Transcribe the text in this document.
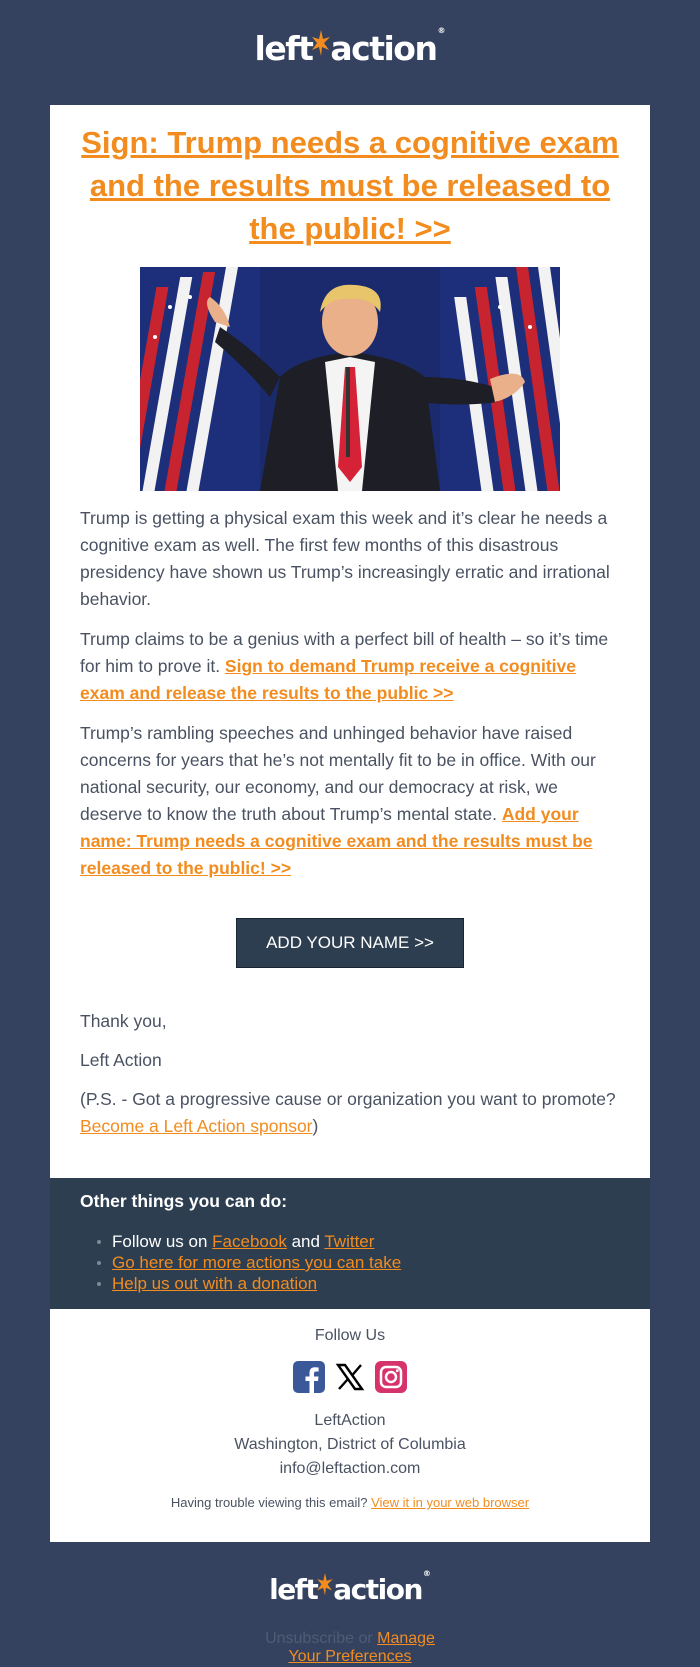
left action ®
Sign: Trump needs a cognitive exam and the results must be released to the public! >>

Trump is getting a physical exam this week and it’s clear he needs a cognitive exam as well. The first few months of this disastrous presidency have shown us Trump’s increasingly erratic and irrational behavior.

Trump claims to be a genius with a perfect bill of health – so it’s time for him to prove it. Sign to demand Trump receive a cognitive exam and release the results to the public >>

Trump’s rambling speeches and unhinged behavior have raised concerns for years that he’s not mentally fit to be in office. With our national security, our economy, and our democracy at risk, we deserve to know the truth about Trump’s mental state. Add your name: Trump needs a cognitive exam and the results must be released to the public! >>

ADD YOUR NAME >>

Thank you,

Left Action

(P.S. - Got a progressive cause or organization you want to promote? Become a Left Action sponsor)

Other things you can do:
Follow us on Facebook and Twitter
Go here for more actions you can take
Help us out with a donation
Follow Us
LeftAction
Washington, District of Columbia
info@leftaction.com
Having trouble viewing this email? View it in your web browser
left action ®
Unsubscribe or Manage Your Preferences
